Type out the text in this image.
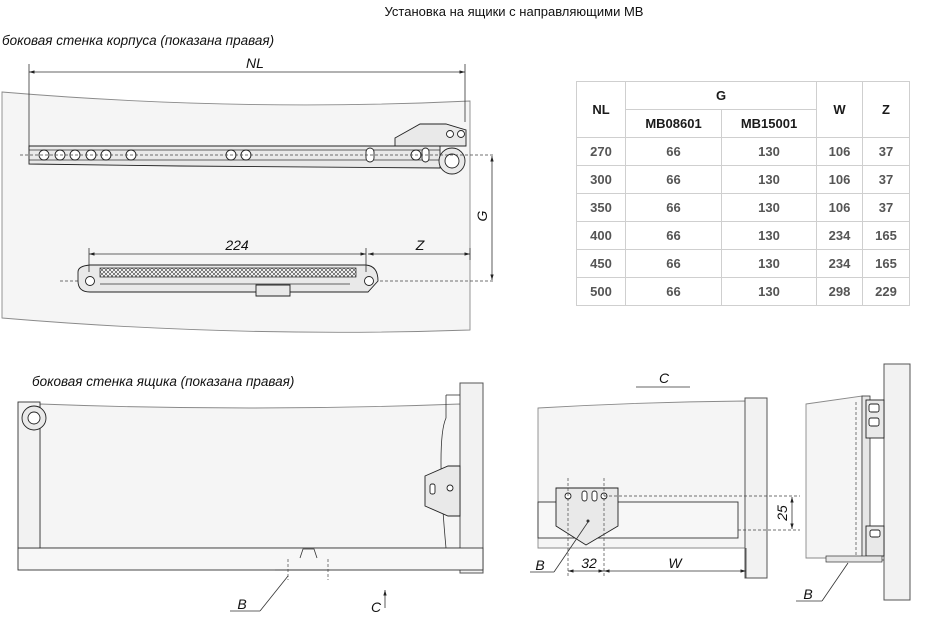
Установка на ящики с направляющими МВ
боковая стенка корпуса (показана правая)
NL
224	Z
G
боковая стенка ящика (показана правая)
B	C
C
25
32	W
B
B
NL	G		W	Z
	MB08601	MB15001		
270	66	130	106	37
300	66	130	106	37
350	66	130	106	37
400	66	130	234	165
450	66	130	234	165
500	66	130	298	229
